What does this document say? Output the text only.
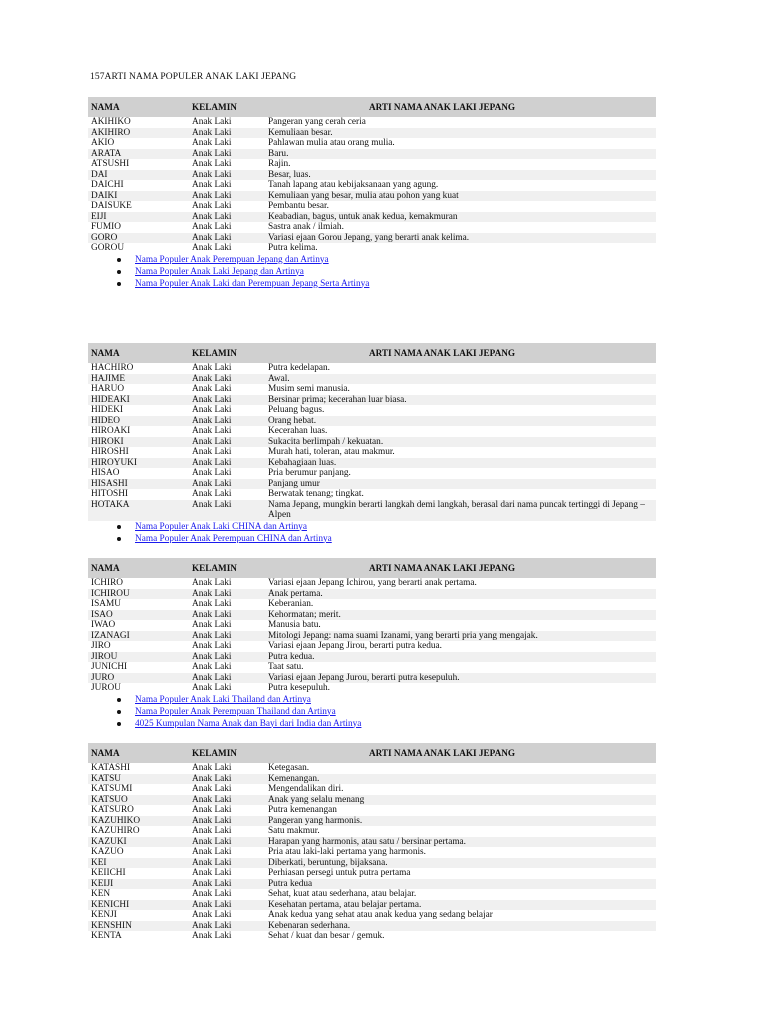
157ARTI NAMA POPULER ANAK LAKI JEPANG
NAMA	KELAMIN	ARTI NAMA ANAK LAKI JEPANG
AKIHIKO	Anak Laki	Pangeran yang cerah ceria
AKIHIRO	Anak Laki	Kemuliaan besar.
AKIO	Anak Laki	Pahlawan mulia atau orang mulia.
ARATA	Anak Laki	Baru.
ATSUSHI	Anak Laki	Rajin.
DAI	Anak Laki	Besar, luas.
DAICHI	Anak Laki	Tanah lapang atau kebijaksanaan yang agung.
DAIKI	Anak Laki	Kemuliaan yang besar, mulia atau pohon yang kuat
DAISUKE	Anak Laki	Pembantu besar.
EIJI	Anak Laki	Keabadian, bagus, untuk anak kedua, kemakmuran
FUMIO	Anak Laki	Sastra anak / ilmiah.
GORO	Anak Laki	Variasi ejaan Gorou Jepang, yang berarti anak kelima.
GOROU	Anak Laki	Putra kelima.
Nama Populer Anak Perempuan Jepang dan Artinya
Nama Populer Anak Laki Jepang dan Artinya
Nama Populer Anak Laki dan Perempuan Jepang Serta Artinya
NAMA	KELAMIN	ARTI NAMA ANAK LAKI JEPANG
HACHIRO	Anak Laki	Putra kedelapan.
HAJIME	Anak Laki	Awal.
HARUO	Anak Laki	Musim semi manusia.
HIDEAKI	Anak Laki	Bersinar prima; kecerahan luar biasa.
HIDEKI	Anak Laki	Peluang bagus.
HIDEO	Anak Laki	Orang hebat.
HIROAKI	Anak Laki	Kecerahan luas.
HIROKI	Anak Laki	Sukacita berlimpah / kekuatan.
HIROSHI	Anak Laki	Murah hati, toleran, atau makmur.
HIROYUKI	Anak Laki	Kebahagiaan luas.
HISAO	Anak Laki	Pria berumur panjang.
HISASHI	Anak Laki	Panjang umur
HITOSHI	Anak Laki	Berwatak tenang; tingkat.
HOTAKA	Anak Laki	Nama Jepang, mungkin berarti langkah demi langkah, berasal dari nama puncak tertinggi di Jepang – Alpen
Nama Populer Anak Laki CHINA dan Artinya
Nama Populer Anak Perempuan CHINA dan Artinya
NAMA	KELAMIN	ARTI NAMA ANAK LAKI JEPANG
ICHIRO	Anak Laki	Variasi ejaan Jepang Ichirou, yang berarti anak pertama.
ICHIROU	Anak Laki	Anak pertama.
ISAMU	Anak Laki	Keberanian.
ISAO	Anak Laki	Kehormatan; merit.
IWAO	Anak Laki	Manusia batu.
IZANAGI	Anak Laki	Mitologi Jepang: nama suami Izanami, yang berarti pria yang mengajak.
JIRO	Anak Laki	Variasi ejaan Jepang Jirou, berarti putra kedua.
JIROU	Anak Laki	Putra kedua.
JUNICHI	Anak Laki	Taat satu.
JURO	Anak Laki	Variasi ejaan Jepang Jurou, berarti putra kesepuluh.
JUROU	Anak Laki	Putra kesepuluh.
Nama Populer Anak Laki Thailand dan Artinya
Nama Populer Anak Perempuan Thailand dan Artinya
4025 Kumpulan Nama Anak dan Bayi dari India dan Artinya
NAMA	KELAMIN	ARTI NAMA ANAK LAKI JEPANG
KATASHI	Anak Laki	Ketegasan.
KATSU	Anak Laki	Kemenangan.
KATSUMI	Anak Laki	Mengendalikan diri.
KATSUO	Anak Laki	Anak yang selalu menang
KATSURO	Anak Laki	Putra kemenangan
KAZUHIKO	Anak Laki	Pangeran yang harmonis.
KAZUHIRO	Anak Laki	Satu makmur.
KAZUKI	Anak Laki	Harapan yang harmonis, atau satu / bersinar pertama.
KAZUO	Anak Laki	Pria atau laki-laki pertama yang harmonis.
KEI	Anak Laki	Diberkati, beruntung, bijaksana.
KEIICHI	Anak Laki	Perhiasan persegi untuk putra pertama
KEIJI	Anak Laki	Putra kedua
KEN	Anak Laki	Sehat, kuat atau sederhana, atau belajar.
KENICHI	Anak Laki	Kesehatan pertama, atau belajar pertama.
KENJI	Anak Laki	Anak kedua yang sehat atau anak kedua yang sedang belajar
KENSHIN	Anak Laki	Kebenaran sederhana.
KENTA	Anak Laki	Sehat / kuat dan besar / gemuk.
